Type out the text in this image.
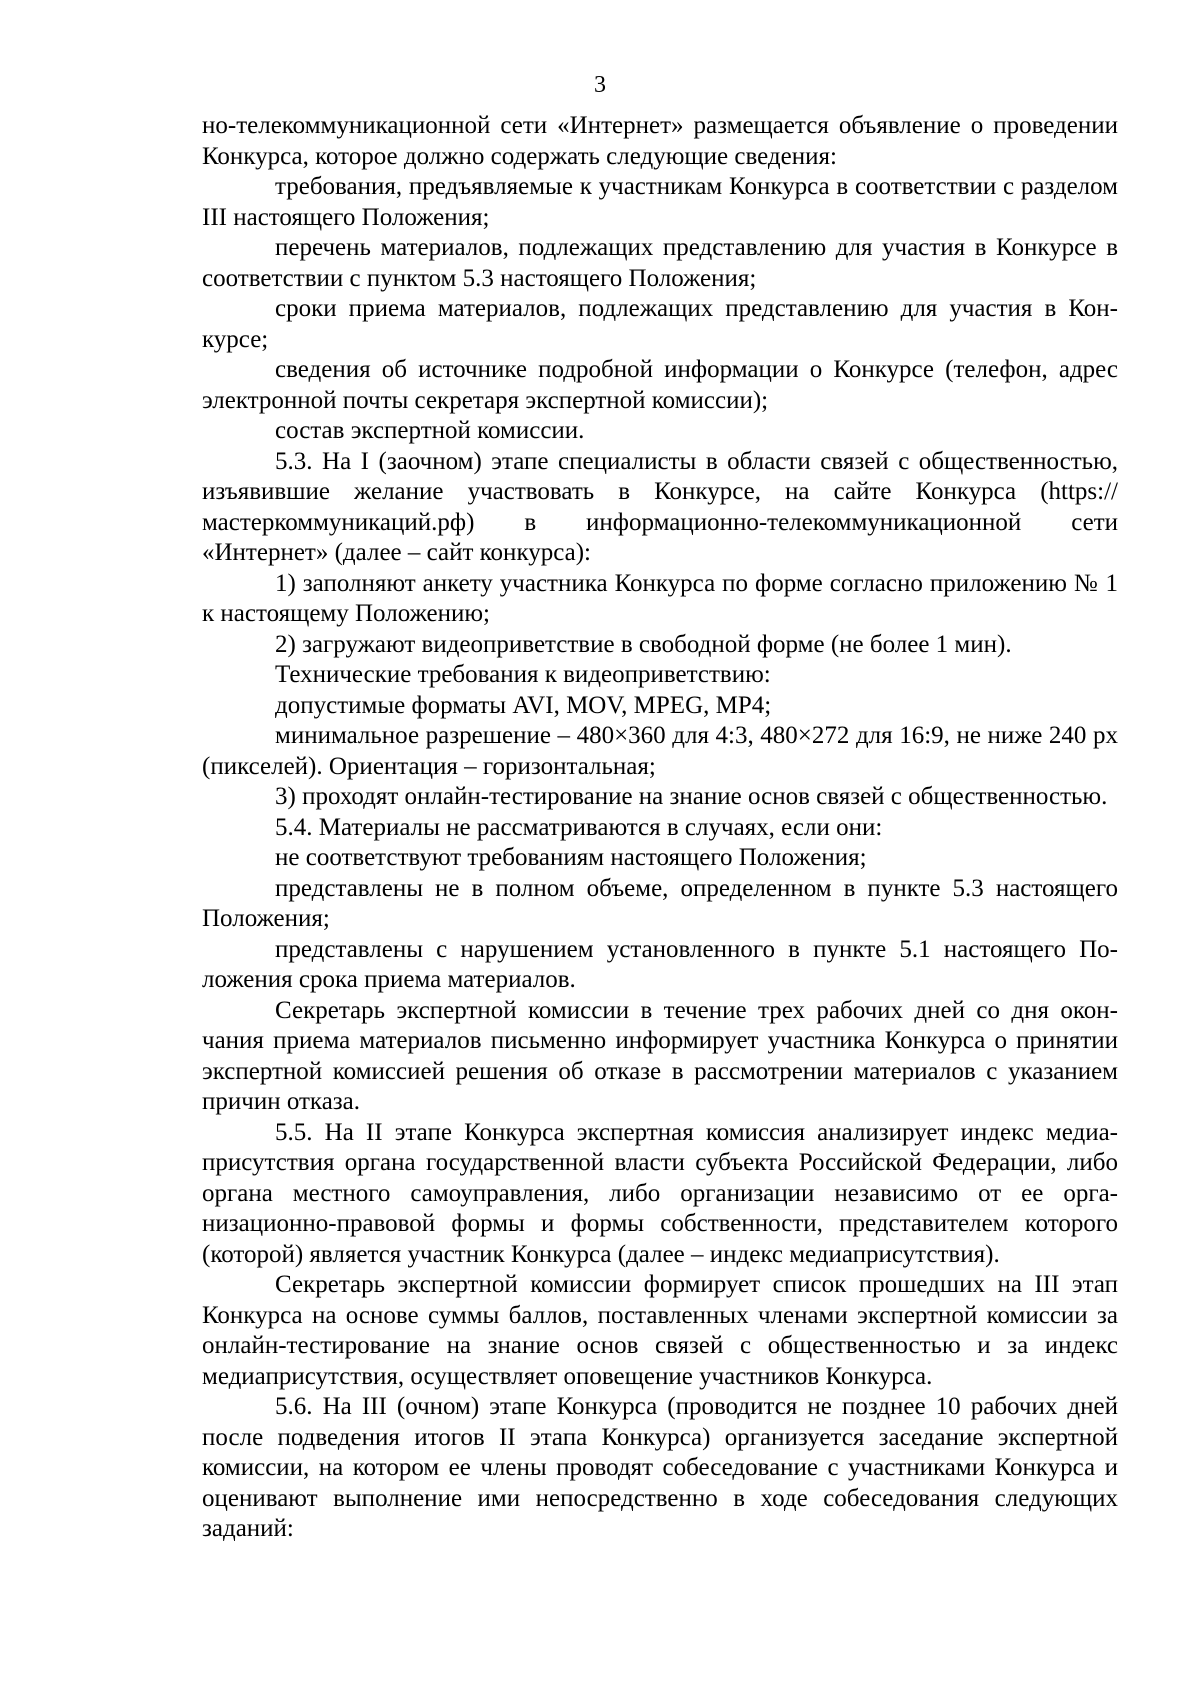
3

но-телекоммуникационной сети «Интернет» размещается объявление о проведении Конкурса, которое должно содержать следующие сведения:

требования, предъявляемые к участникам Конкурса в соответствии с разделом III настоящего Положения;

перечень материалов, подлежащих представлению для участия в Конкурсе в соответствии с пунктом 5.3 настоящего Положения;

сроки приема материалов, подлежащих представлению для участия в Конкурсе;

сведения об источнике подробной информации о Конкурсе (телефон, адрес электронной почты секретаря экспертной комиссии);

состав экспертной комиссии.

5.3. На I (заочном) этапе специалисты в области связей с общественностью, изъявившие желание участвовать в Конкурсе, на сайте Конкурса (https://мастеркоммуникаций.рф) в информационно-телекоммуникационной сети «Интернет» (далее – сайт конкурса):

1) заполняют анкету участника Конкурса по форме согласно приложению № 1 к настоящему Положению;

2) загружают видеоприветствие в свободной форме (не более 1 мин).

Технические требования к видеоприветствию:

допустимые форматы AVI, MOV, MPEG, MP4;

минимальное разрешение – 480×360 для 4:3, 480×272 для 16:9, не ниже 240 px (пикселей). Ориентация – горизонтальная;

3) проходят онлайн-тестирование на знание основ связей с общественностью.

5.4. Материалы не рассматриваются в случаях, если они:

не соответствуют требованиям настоящего Положения;

представлены не в полном объеме, определенном в пункте 5.3 настоящего Положения;

представлены с нарушением установленного в пункте 5.1 настоящего Положения срока приема материалов.

Секретарь экспертной комиссии в течение трех рабочих дней со дня окончания приема материалов письменно информирует участника Конкурса о принятии экспертной комиссией решения об отказе в рассмотрении материалов с указанием причин отказа.

5.5. На II этапе Конкурса экспертная комиссия анализирует индекс медиаприсутствия органа государственной власти субъекта Российской Федерации, либо органа местного самоуправления, либо организации независимо от ее организационно-правовой формы и формы собственности, представителем которого (которой) является участник Конкурса (далее – индекс медиаприсутствия).

Секретарь экспертной комиссии формирует список прошедших на III этап Конкурса на основе суммы баллов, поставленных членами экспертной комиссии за онлайн-тестирование на знание основ связей с общественностью и за индекс медиаприсутствия, осуществляет оповещение участников Конкурса.

5.6. На III (очном) этапе Конкурса (проводится не позднее 10 рабочих дней после подведения итогов II этапа Конкурса) организуется заседание экспертной комиссии, на котором ее члены проводят собеседование с участниками Конкурса и оценивают выполнение ими непосредственно в ходе собеседования следующих заданий:
